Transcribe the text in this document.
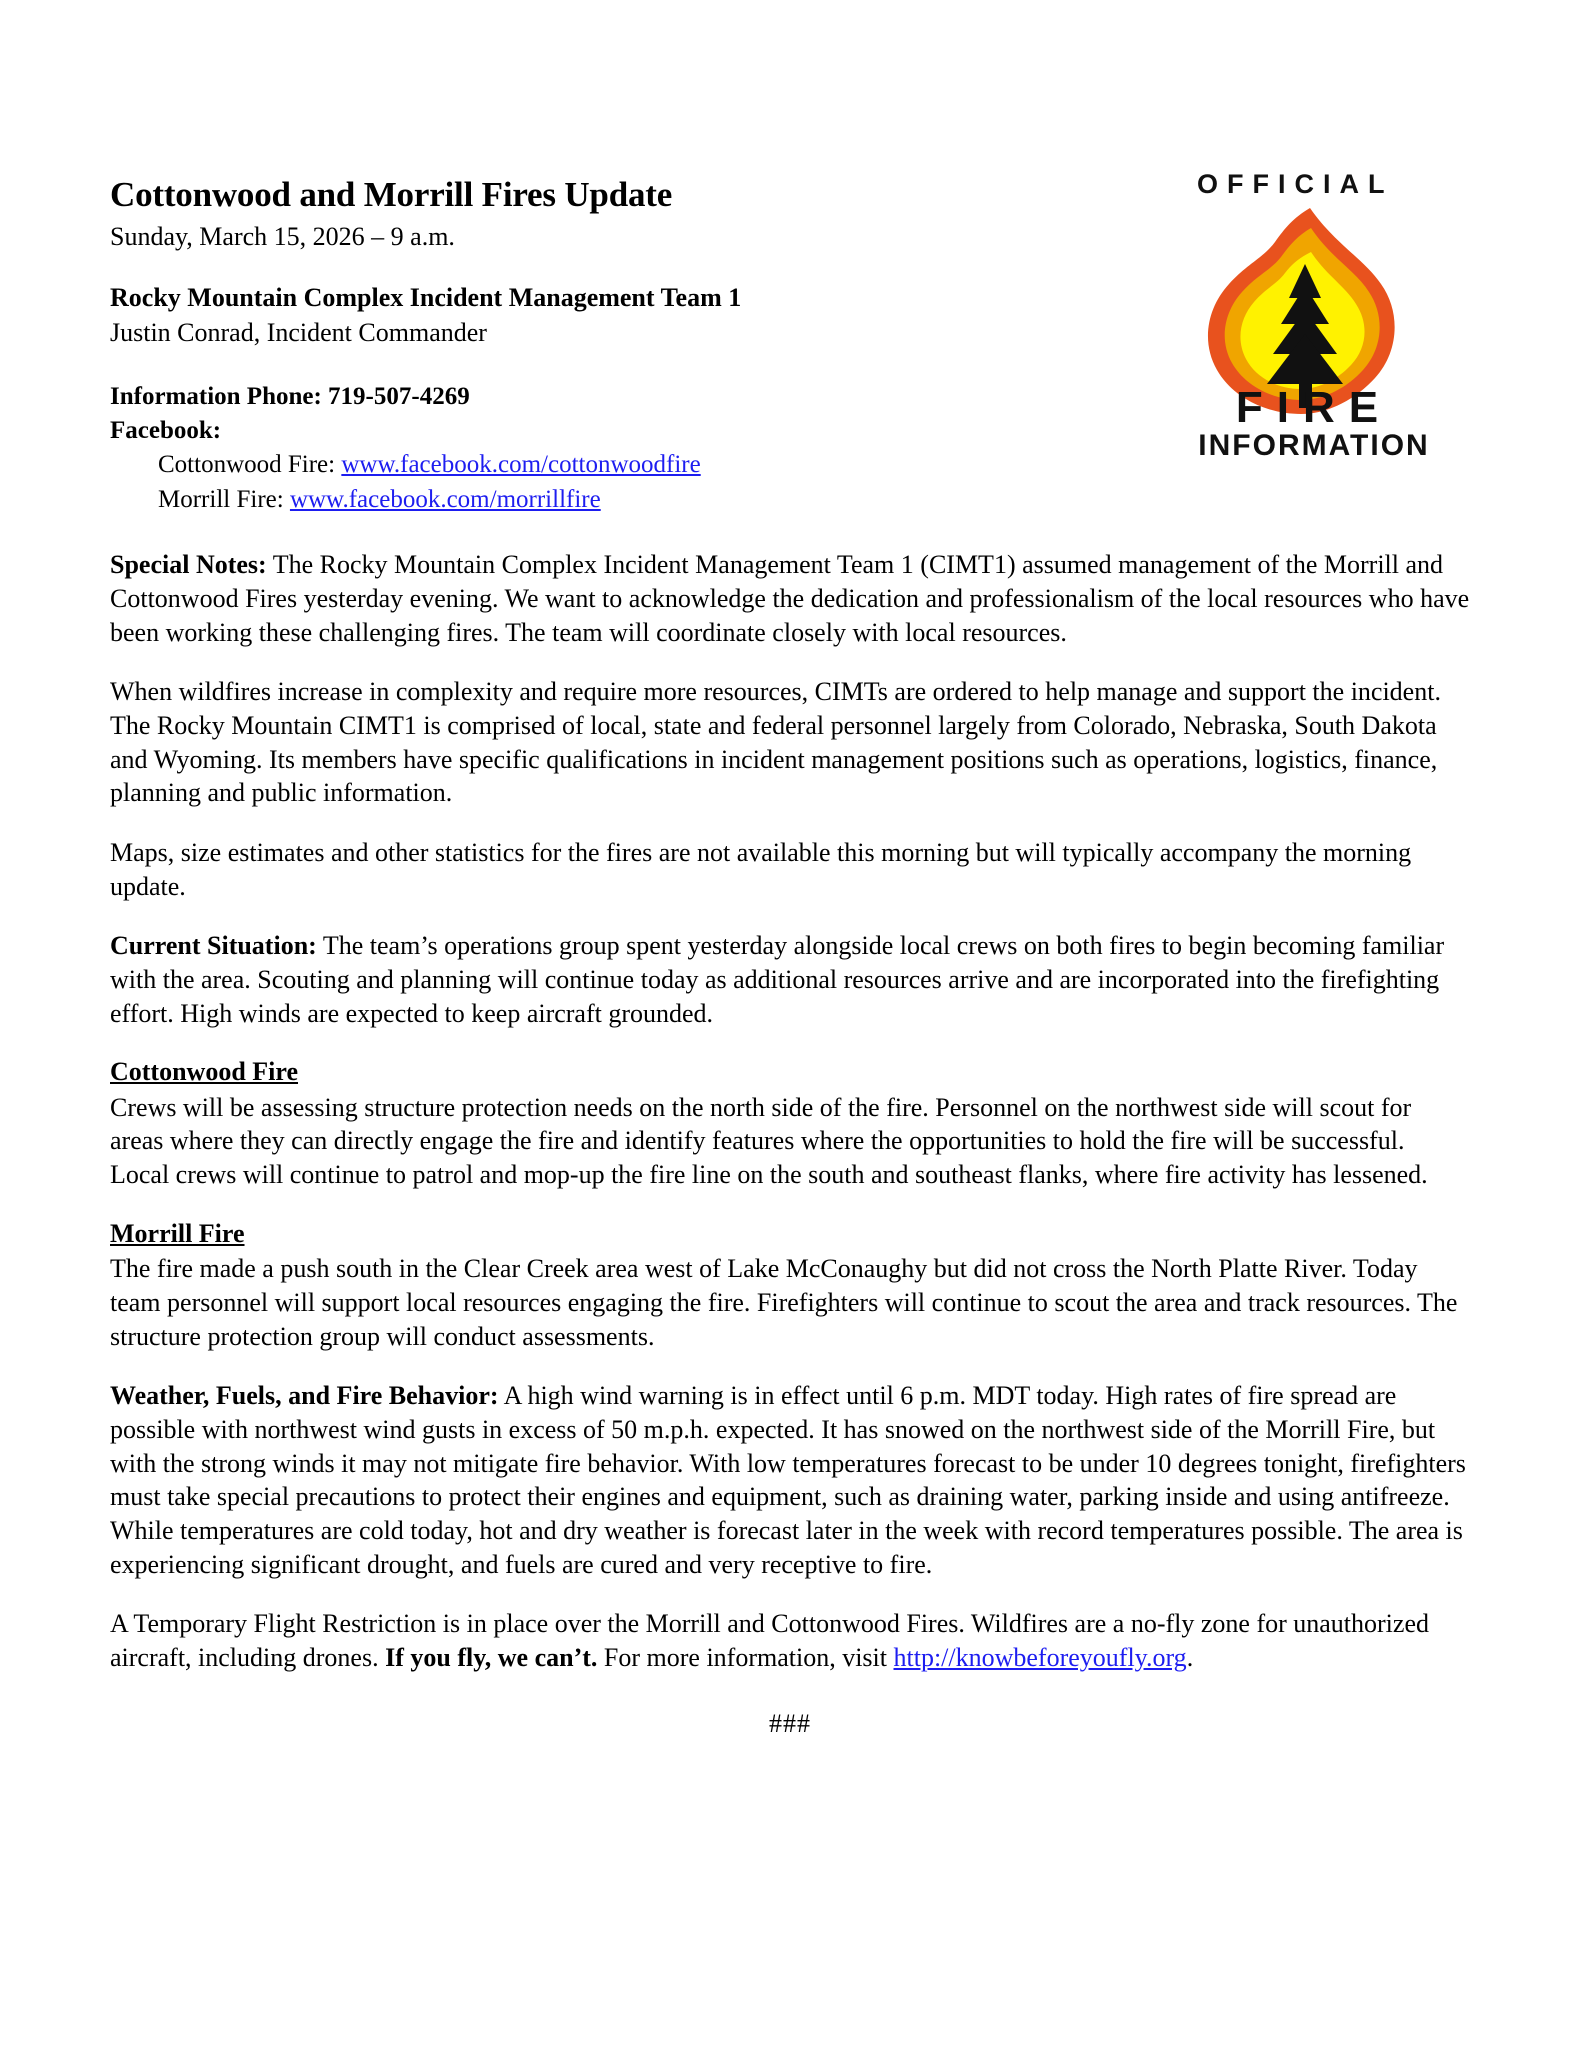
Cottonwood and Morrill Fires Update

Sunday, March 15, 2026 – 9 a.m.

Rocky Mountain Complex Incident Management Team 1

Justin Conrad, Incident Commander

Information Phone: 719-507-4269

Facebook:

Cottonwood Fire: www.facebook.com/cottonwoodfire

Morrill Fire: www.facebook.com/morrillfire

OFFICIAL
FIRE
INFORMATION

Special Notes: The Rocky Mountain Complex Incident Management Team 1 (CIMT1) assumed management of the Morrill and Cottonwood Fires yesterday evening. We want to acknowledge the dedication and professionalism of the local resources who have been working these challenging fires. The team will coordinate closely with local resources.

When wildfires increase in complexity and require more resources, CIMTs are ordered to help manage and support the incident. The Rocky Mountain CIMT1 is comprised of local, state and federal personnel largely from Colorado, Nebraska, South Dakota and Wyoming. Its members have specific qualifications in incident management positions such as operations, logistics, finance, planning and public information.

Maps, size estimates and other statistics for the fires are not available this morning but will typically accompany the morning update.

Current Situation: The team’s operations group spent yesterday alongside local crews on both fires to begin becoming familiar with the area. Scouting and planning will continue today as additional resources arrive and are incorporated into the firefighting effort. High winds are expected to keep aircraft grounded.

Cottonwood Fire

Crews will be assessing structure protection needs on the north side of the fire. Personnel on the northwest side will scout for areas where they can directly engage the fire and identify features where the opportunities to hold the fire will be successful. Local crews will continue to patrol and mop-up the fire line on the south and southeast flanks, where fire activity has lessened.

Morrill Fire

The fire made a push south in the Clear Creek area west of Lake McConaughy but did not cross the North Platte River. Today team personnel will support local resources engaging the fire. Firefighters will continue to scout the area and track resources. The structure protection group will conduct assessments.

Weather, Fuels, and Fire Behavior: A high wind warning is in effect until 6 p.m. MDT today. High rates of fire spread are possible with northwest wind gusts in excess of 50 m.p.h. expected. It has snowed on the northwest side of the Morrill Fire, but with the strong winds it may not mitigate fire behavior. With low temperatures forecast to be under 10 degrees tonight, firefighters must take special precautions to protect their engines and equipment, such as draining water, parking inside and using antifreeze. While temperatures are cold today, hot and dry weather is forecast later in the week with record temperatures possible. The area is experiencing significant drought, and fuels are cured and very receptive to fire.

A Temporary Flight Restriction is in place over the Morrill and Cottonwood Fires. Wildfires are a no-fly zone for unauthorized aircraft, including drones. If you fly, we can’t. For more information, visit http://knowbeforeyoufly.org.

###
